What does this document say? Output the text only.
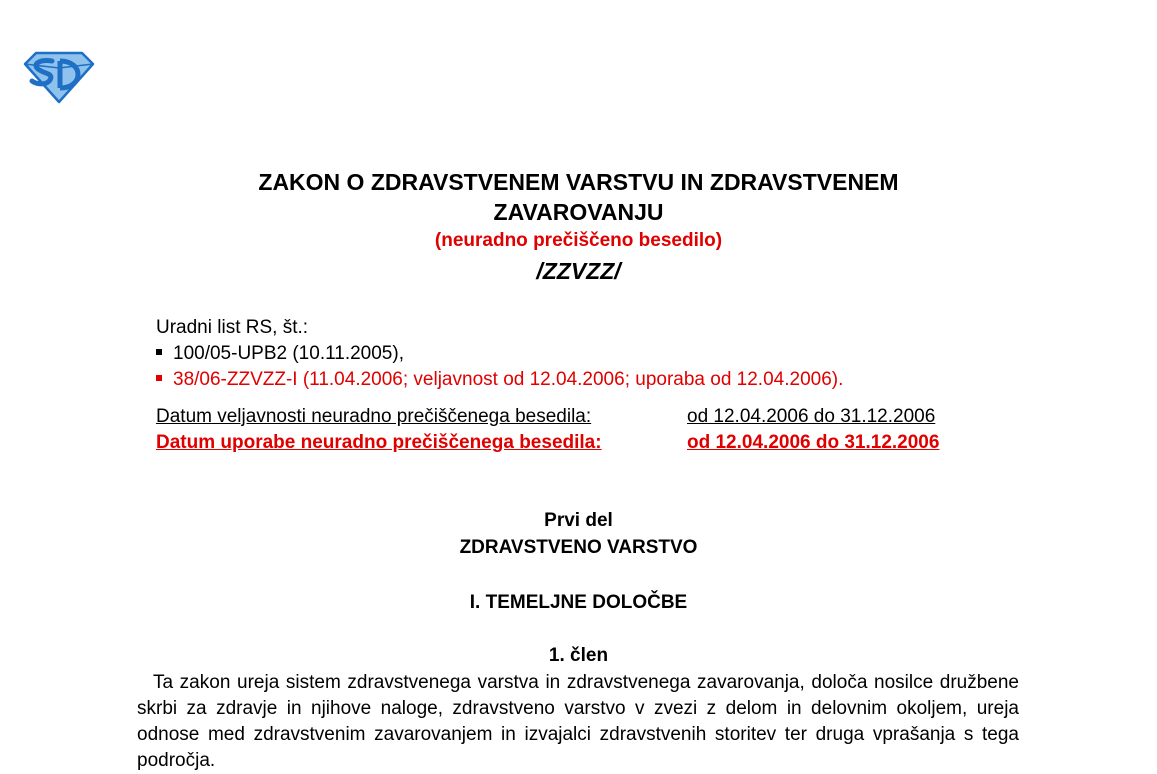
ZAKON O ZDRAVSTVENEM VARSTVU IN ZDRAVSTVENEM
ZAVAROVANJU
(neuradno prečiščeno besedilo)
/ZZVZZ/
Uradni list RS, št.:
100/05-UPB2 (10.11.2005),
38/06-ZZVZZ-I (11.04.2006; veljavnost od 12.04.2006; uporaba od 12.04.2006).
Datum veljavnosti neuradno prečiščenega besedila:	od 12.04.2006 do 31.12.2006
Datum uporabe neuradno prečiščenega besedila:	od 12.04.2006 do 31.12.2006
Prvi del
ZDRAVSTVENO VARSTVO
I. TEMELJNE DOLOČBE
1. člen
Ta zakon ureja sistem zdravstvenega varstva in zdravstvenega zavarovanja, določa nosilce družbene skrbi za zdravje in njihove naloge, zdravstveno varstvo v zvezi z delom in delovnim okoljem, ureja odnose med zdravstvenim zavarovanjem in izvajalci zdravstvenih storitev ter druga vprašanja s tega področja.
